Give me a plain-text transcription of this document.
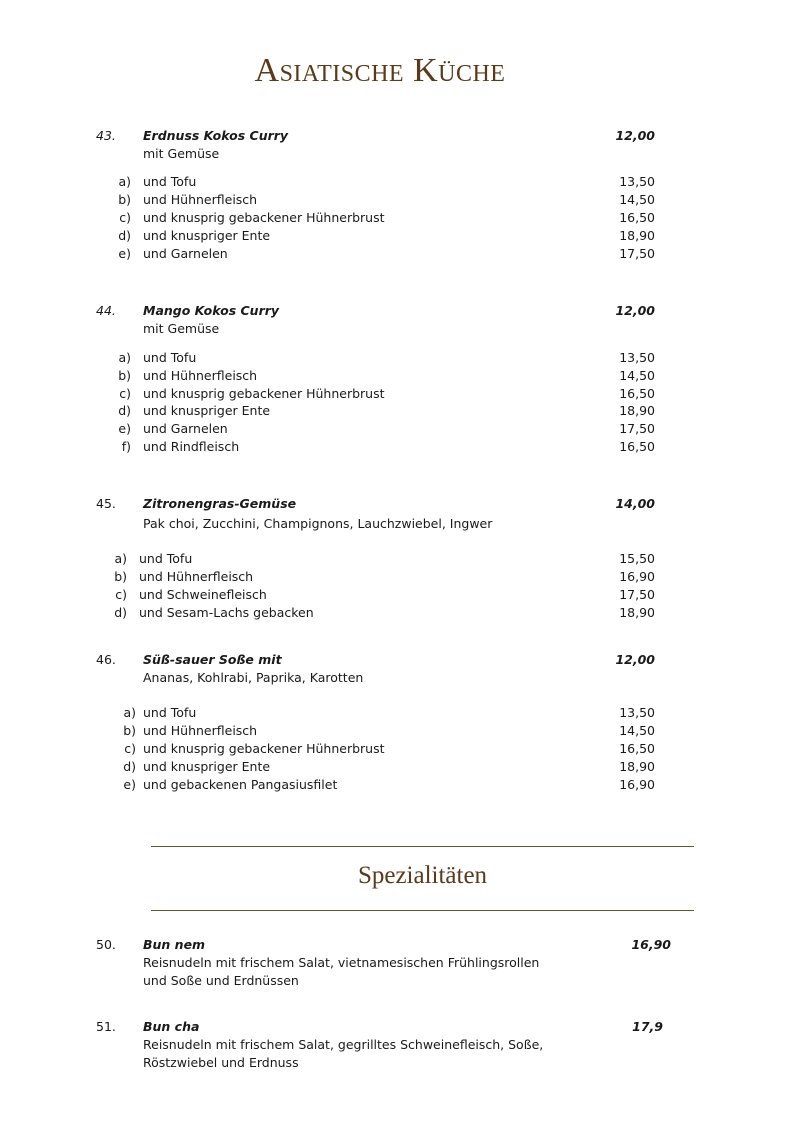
Asiatische Küche
43. Erdnuss Kokos Curry	12,00
mit Gemüse
a) und Tofu	13,50
b) und Hühnerfleisch	14,50
c) und knusprig gebackener Hühnerbrust	16,50
d) und knuspriger Ente	18,90
e) und Garnelen	17,50
44. Mango Kokos Curry	12,00
mit Gemüse
a) und Tofu	13,50
b) und Hühnerfleisch	14,50
c) und knusprig gebackener Hühnerbrust	16,50
d) und knuspriger Ente	18,90
e) und Garnelen	17,50
f) und Rindfleisch	16,50
45. Zitronengras-Gemüse	14,00
Pak choi, Zucchini, Champignons, Lauchzwiebel, Ingwer
a) und Tofu	15,50
b) und Hühnerfleisch	16,90
c) und Schweinefleisch	17,50
d) und Sesam-Lachs gebacken	18,90
46. Süß-sauer Soße mit	12,00
Ananas, Kohlrabi, Paprika, Karotten
a) und Tofu	13,50
b) und Hühnerfleisch	14,50
c) und knusprig gebackener Hühnerbrust	16,50
d) und knuspriger Ente	18,90
e) und gebackenen Pangasiusfilet	16,90
Spezialitäten
50. Bun nem	16,90
Reisnudeln mit frischem Salat, vietnamesischen Frühlingsrollen
und Soße und Erdnüssen
51. Bun cha	17,9
Reisnudeln mit frischem Salat, gegrilltes Schweinefleisch, Soße,
Röstzwiebel und Erdnuss
